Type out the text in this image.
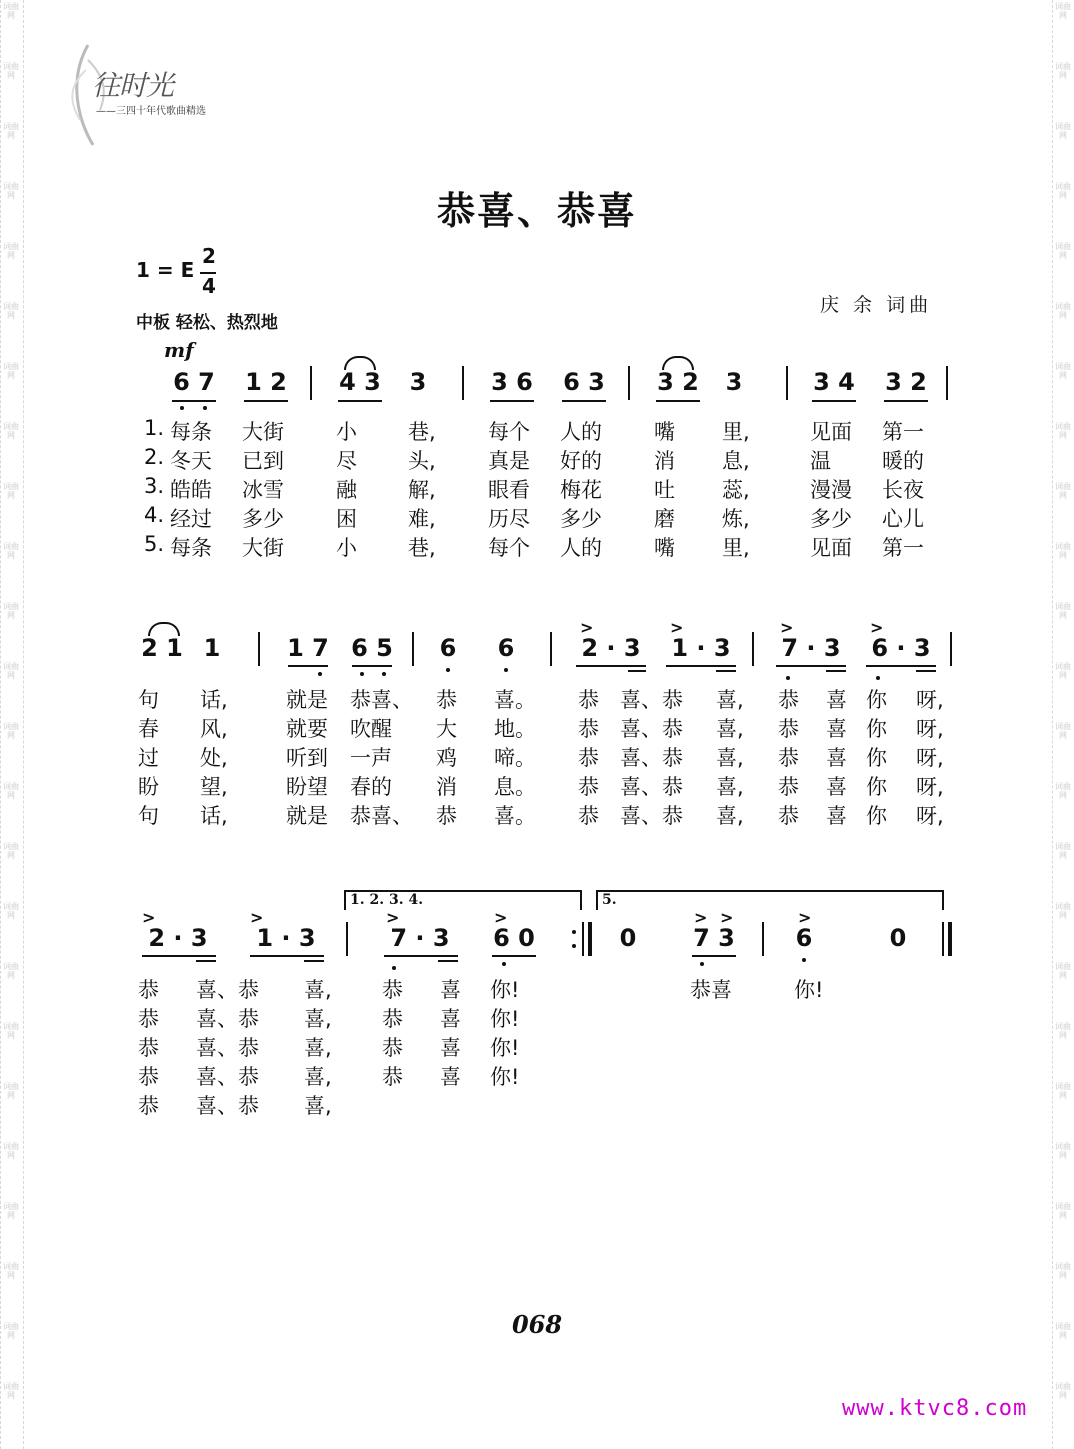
词曲网
词曲网
词曲网
词曲网
词曲网
词曲网
词曲网
词曲网
词曲网
词曲网
词曲网
词曲网
词曲网
词曲网
词曲网
词曲网
词曲网
词曲网
词曲网
词曲网
词曲网
词曲网
词曲网
词曲网
词曲网
词曲网
词曲网
词曲网
词曲网
词曲网
词曲网
词曲网
词曲网
词曲网
词曲网
词曲网
词曲网
词曲网
词曲网
词曲网
词曲网
词曲网
词曲网
词曲网
词曲网
词曲网
词曲网
词曲网
往时光
——三四十年代歌曲精选
恭喜、恭喜
1 = E
2
4
中板 轻松、热烈地
庆 余 词曲
mf
6 7 1 2 4 3 3	3 6 6 3 3 2 3	3 4 3 2
1. 每条 大街 小 巷, 每个 人的 嘴 里,	见面 第一
2. 冬天 已到 尽 头, 真是 好的 消 息,	温 暖的
3. 皓皓 冰雪 融 解, 眼看 梅花 吐 蕊,	漫漫 长夜
4. 经过 多少 困 难, 历尽 多少 磨 炼,	多少 心儿
5. 每条 大街 小 巷, 每个 人的 嘴 里,	见面 第一
2 1 1	1 7 6 5 6 6	2 · 3 1 · 3 7 · 3 6 · 3
>	>	>	>
句 话,	就是 恭喜、 恭 喜。 恭 喜、恭 喜, 恭 喜 你 呀,
春 风,	就要 吹醒 大 地。 恭 喜、恭 喜, 恭 喜 你 呀,
过 处,	听到 一声 鸡 啼。 恭 喜、恭 喜, 恭 喜 你 呀,
盼 望,	盼望 春的 消 息。 恭 喜、恭 喜, 恭 喜 你 呀,
句 话,	就是 恭喜、 恭 喜。 恭 喜、恭 喜, 恭 喜 你 呀,
1. 2. 3. 4.	5.
2 · 3	1 · 3	7 · 3	6 0	0 7 3	6	0
>	>	>	>	> >	>
恭 喜、恭 喜, 恭 喜 你!	恭喜	你!
恭 喜、恭 喜, 恭 喜 你!
恭 喜、恭 喜, 恭 喜 你!
恭 喜、恭 喜, 恭 喜 你!
恭 喜、恭 喜,
068
www.ktvc8.com
